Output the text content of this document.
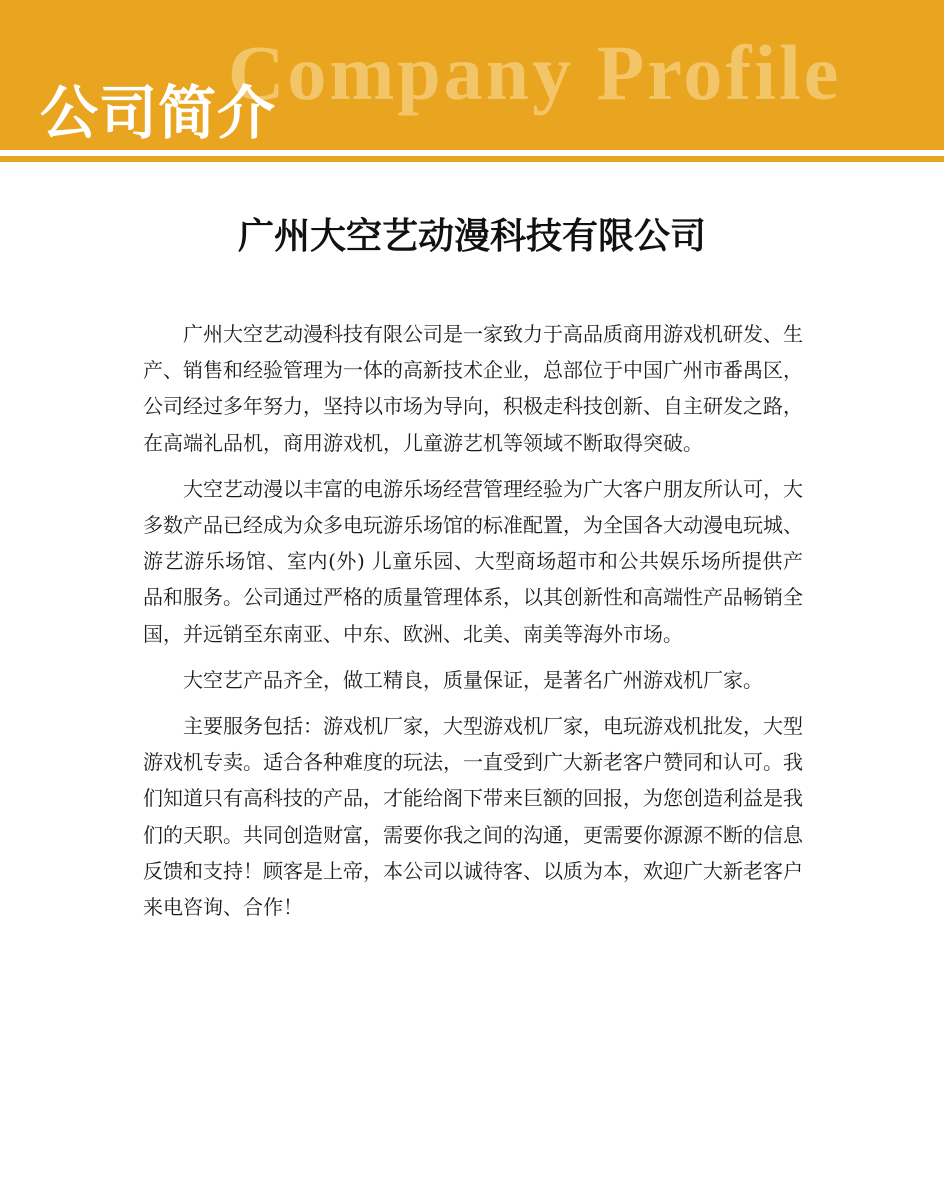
Company Profile
公司简介
广州大空艺动漫科技有限公司

广州大空艺动漫科技有限公司是一家致力于高品质商用游戏机研发、生产、销售和经验管理为一体的高新技术企业，总部位于中国广州市番禺区，公司经过多年努力，坚持以市场为导向，积极走科技创新、自主研发之路，在高端礼品机，商用游戏机，儿童游艺机等领域不断取得突破。

大空艺动漫以丰富的电游乐场经营管理经验为广大客户朋友所认可，大多数产品已经成为众多电玩游乐场馆的标准配置，为全国各大动漫电玩城、游艺游乐场馆、室内(外) 儿童乐园、大型商场超市和公共娱乐场所提供产品和服务。公司通过严格的质量管理体系，以其创新性和高端性产品畅销全国，并远销至东南亚、中东、欧洲、北美、南美等海外市场。

大空艺产品齐全，做工精良，质量保证，是著名广州游戏机厂家。

主要服务包括：游戏机厂家，大型游戏机厂家，电玩游戏机批发，大型游戏机专卖。适合各种难度的玩法，一直受到广大新老客户赞同和认可。我们知道只有高科技的产品，才能给阁下带来巨额的回报，为您创造利益是我们的天职。共同创造财富，需要你我之间的沟通，更需要你源源不断的信息反馈和支持！顾客是上帝，本公司以诚待客、以质为本，欢迎广大新老客户来电咨询、合作！
